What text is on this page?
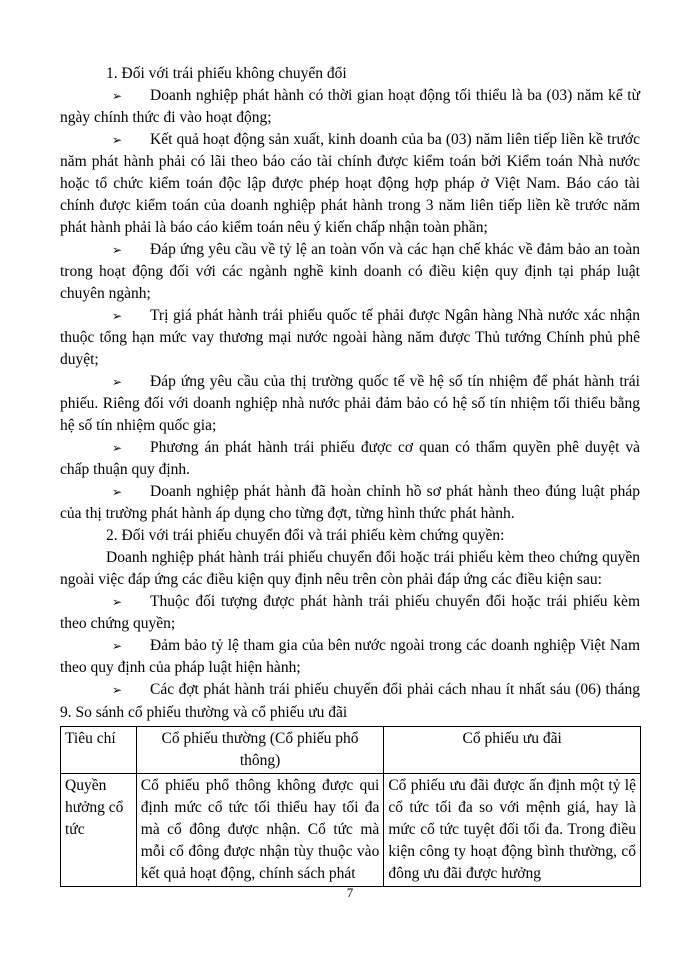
1. Đối với trái phiếu không chuyển đổi

➢ Doanh nghiệp phát hành có thời gian hoạt động tối thiểu là ba (03) năm kể từ ngày chính thức đi vào hoạt động;

➢ Kết quả hoạt động sản xuất, kinh doanh của ba (03) năm liên tiếp liền kề trước năm phát hành phải có lãi theo báo cáo tài chính được kiểm toán bởi Kiểm toán Nhà nước hoặc tổ chức kiểm toán độc lập được phép hoạt động hợp pháp ở Việt Nam. Báo cáo tài chính được kiểm toán của doanh nghiệp phát hành trong 3 năm liên tiếp liền kề trước năm phát hành phải là báo cáo kiểm toán nêu ý kiến chấp nhận toàn phần;

➢ Đáp ứng yêu cầu về tỷ lệ an toàn vốn và các hạn chế khác về đảm bảo an toàn trong hoạt động đối với các ngành nghề kinh doanh có điều kiện quy định tại pháp luật chuyên ngành;

➢ Trị giá phát hành trái phiếu quốc tế phải được Ngân hàng Nhà nước xác nhận thuộc tổng hạn mức vay thương mại nước ngoài hàng năm được Thủ tướng Chính phủ phê duyệt;

➢ Đáp ứng yêu cầu của thị trường quốc tế về hệ số tín nhiệm để phát hành trái phiếu. Riêng đối với doanh nghiệp nhà nước phải đảm bảo có hệ số tín nhiệm tối thiểu bằng hệ số tín nhiệm quốc gia;

➢ Phương án phát hành trái phiếu được cơ quan có thẩm quyền phê duyệt và chấp thuận quy định.

➢ Doanh nghiệp phát hành đã hoàn chỉnh hồ sơ phát hành theo đúng luật pháp của thị trường phát hành áp dụng cho từng đợt, từng hình thức phát hành.

2. Đối với trái phiếu chuyển đổi và trái phiếu kèm chứng quyền:

Doanh nghiệp phát hành trái phiếu chuyển đổi hoặc trái phiếu kèm theo chứng quyền ngoài việc đáp ứng các điều kiện quy định nêu trên còn phải đáp ứng các điều kiện sau:

➢ Thuộc đối tượng được phát hành trái phiếu chuyển đổi hoặc trái phiếu kèm theo chứng quyền;

➢ Đảm bảo tỷ lệ tham gia của bên nước ngoài trong các doanh nghiệp Việt Nam theo quy định của pháp luật hiện hành;

➢ Các đợt phát hành trái phiếu chuyển đổi phải cách nhau ít nhất sáu (06) tháng

9. So sánh cổ phiếu thường và cổ phiếu ưu đãi

Tiêu chí	Cổ phiếu thường (Cổ phiếu phổ thông)	Cổ phiếu ưu đãi
Quyền hưởng cổ tức	Cổ phiếu phổ thông không được qui định mức cổ tức tối thiểu hay tối đa mà cổ đông được nhận. Cổ tức mà mỗi cổ đông được nhận tùy thuộc vào kết quả hoạt động, chính sách phát	Cổ phiếu ưu đãi được ấn định một tỷ lệ cổ tức tối đa so với mệnh giá, hay là mức cổ tức tuyệt đối tối đa. Trong điều kiện công ty hoạt động bình thường, cổ đông ưu đãi được hưởng
7
